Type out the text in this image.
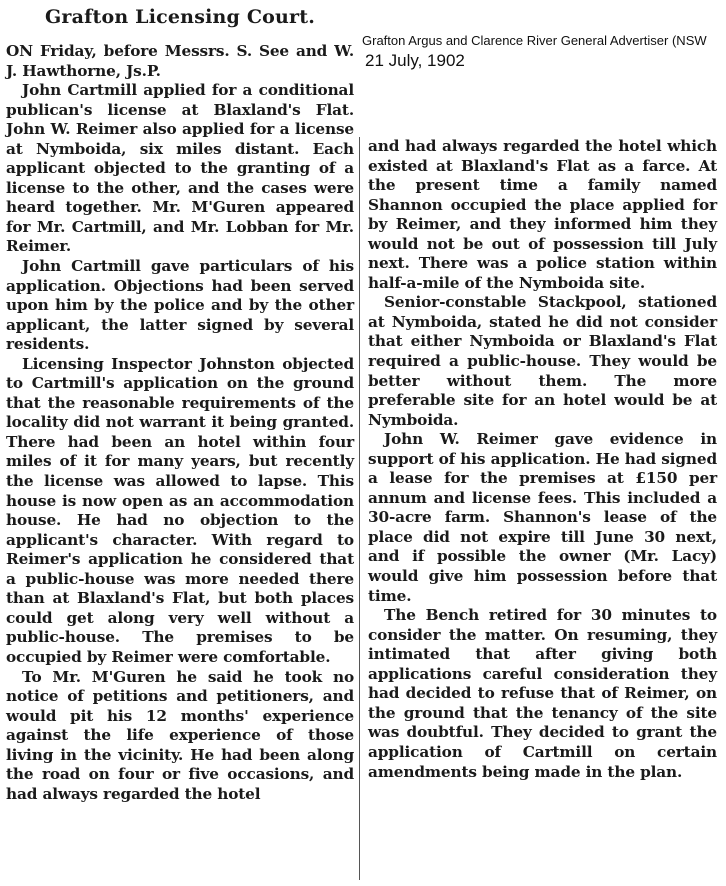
Grafton Licensing Court.
Grafton Argus and Clarence River General Advertiser (NSW
21 July, 1902

ON Friday, before Messrs. S. See and W. J. Hawthorne, Js.P.

John Cartmill applied for a conditional publican's license at Blaxland's Flat. John W. Reimer also applied for a license at Nymboida, six miles distant. Each applicant objected to the granting of a license to the other, and the cases were heard together. Mr. M'Guren appeared for Mr. Cartmill, and Mr. Lobban for Mr. Reimer.

John Cartmill gave particulars of his application. Objections had been served upon him by the police and by the other applicant, the latter signed by several residents.

Licensing Inspector Johnston objected to Cartmill's application on the ground that the reasonable requirements of the locality did not warrant it being granted. There had been an hotel within four miles of it for many years, but recently the license was allowed to lapse. This house is now open as an accommodation house. He had no objection to the applicant's character. With regard to Reimer's application he considered that a public-house was more needed there than at Blaxland's Flat, but both places could get along very well without a public-house. The premises to be occupied by Reimer were comfortable.

To Mr. M'Guren he said he took no notice of petitions and petitioners, and would pit his 12 months' experience against the life experience of those living in the vicinity. He had been along the road on four or five occasions, and had always regarded the hotel

and had always regarded the hotel which existed at Blaxland's Flat as a farce. At the present time a family named Shannon occupied the place applied for by Reimer, and they informed him they would not be out of possession till July next. There was a police station within half-a-mile of the Nymboida site.

Senior-constable Stackpool, stationed at Nymboida, stated he did not consider that either Nymboida or Blaxland's Flat required a public-house. They would be better without them. The more preferable site for an hotel would be at Nymboida.

John W. Reimer gave evidence in support of his application. He had signed a lease for the premises at £150 per annum and license fees. This included a 30-acre farm. Shannon's lease of the place did not expire till June 30 next, and if possible the owner (Mr. Lacy) would give him possession before that time.

The Bench retired for 30 minutes to consider the matter. On resuming, they intimated that after giving both applications careful consideration they had decided to refuse that of Reimer, on the ground that the tenancy of the site was doubtful. They decided to grant the application of Cartmill on certain amendments being made in the plan.
